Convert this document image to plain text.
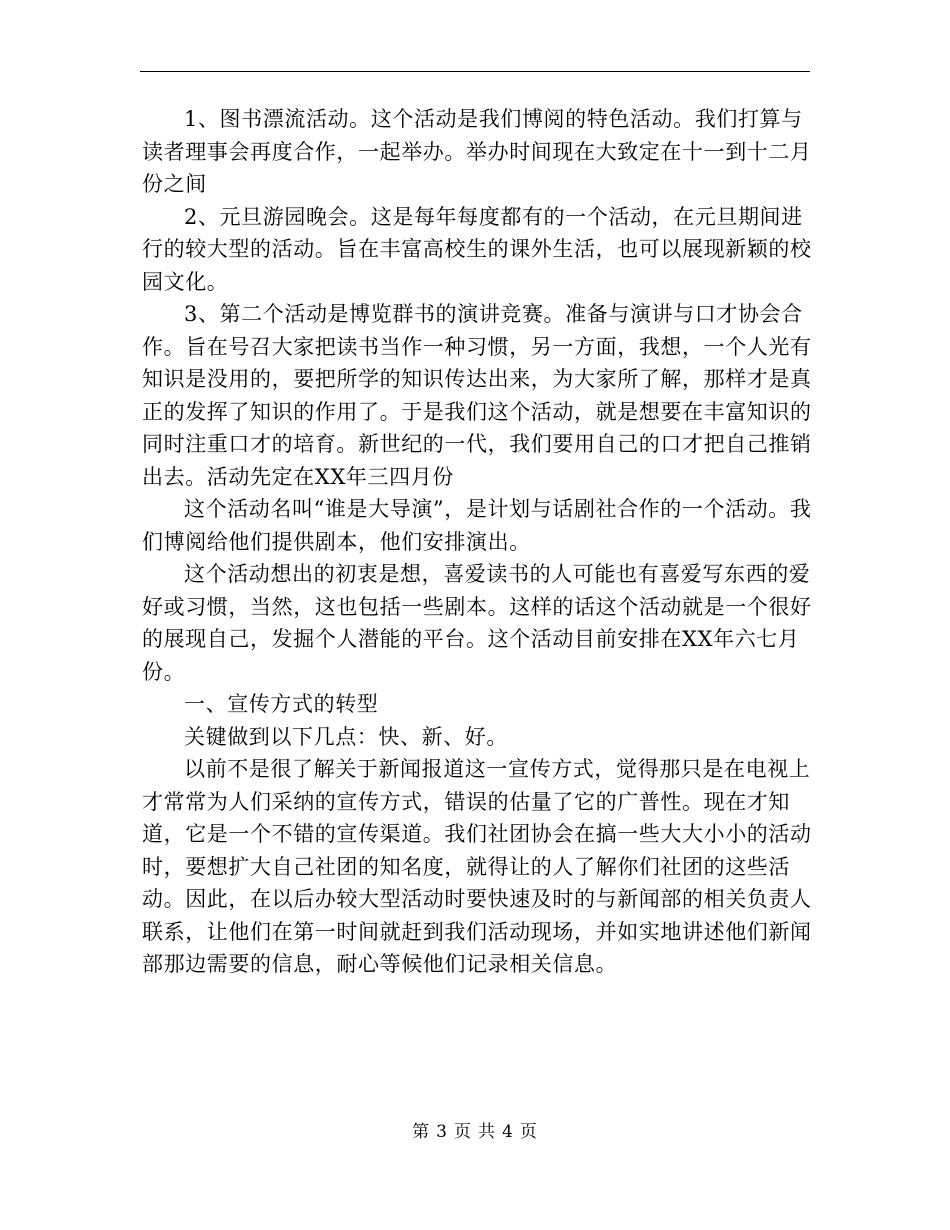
1、图书漂流活动。这个活动是我们博阅的特色活动。我们打算与读者理事会再度合作，一起举办。举办时间现在大致定在十一到十二月份之间

2、元旦游园晚会。这是每年每度都有的一个活动，在元旦期间进行的较大型的活动。旨在丰富高校生的课外生活，也可以展现新颖的校园文化。

3、第二个活动是博览群书的演讲竞赛。准备与演讲与口才协会合作。旨在号召大家把读书当作一种习惯，另一方面，我想，一个人光有知识是没用的，要把所学的知识传达出来，为大家所了解，那样才是真正的发挥了知识的作用了。于是我们这个活动，就是想要在丰富知识的同时注重口才的培育。新世纪的一代，我们要用自己的口才把自己推销出去。活动先定在XX年三四月份

这个活动名叫“谁是大导演”，是计划与话剧社合作的一个活动。我们博阅给他们提供剧本，他们安排演出。

这个活动想出的初衷是想，喜爱读书的人可能也有喜爱写东西的爱好或习惯，当然，这也包括一些剧本。这样的话这个活动就是一个很好的展现自己，发掘个人潜能的平台。这个活动目前安排在XX年六七月份。

一、宣传方式的转型

关键做到以下几点：快、新、好。

以前不是很了解关于新闻报道这一宣传方式，觉得那只是在电视上才常常为人们采纳的宣传方式，错误的估量了它的广普性。现在才知道，它是一个不错的宣传渠道。我们社团协会在搞一些大大小小的活动时，要想扩大自己社团的知名度，就得让的人了解你们社团的这些活动。因此，在以后办较大型活动时要快速及时的与新闻部的相关负责人联系，让他们在第一时间就赶到我们活动现场，并如实地讲述他们新闻部那边需要的信息，耐心等候他们记录相关信息。

第 3 页 共 4 页
